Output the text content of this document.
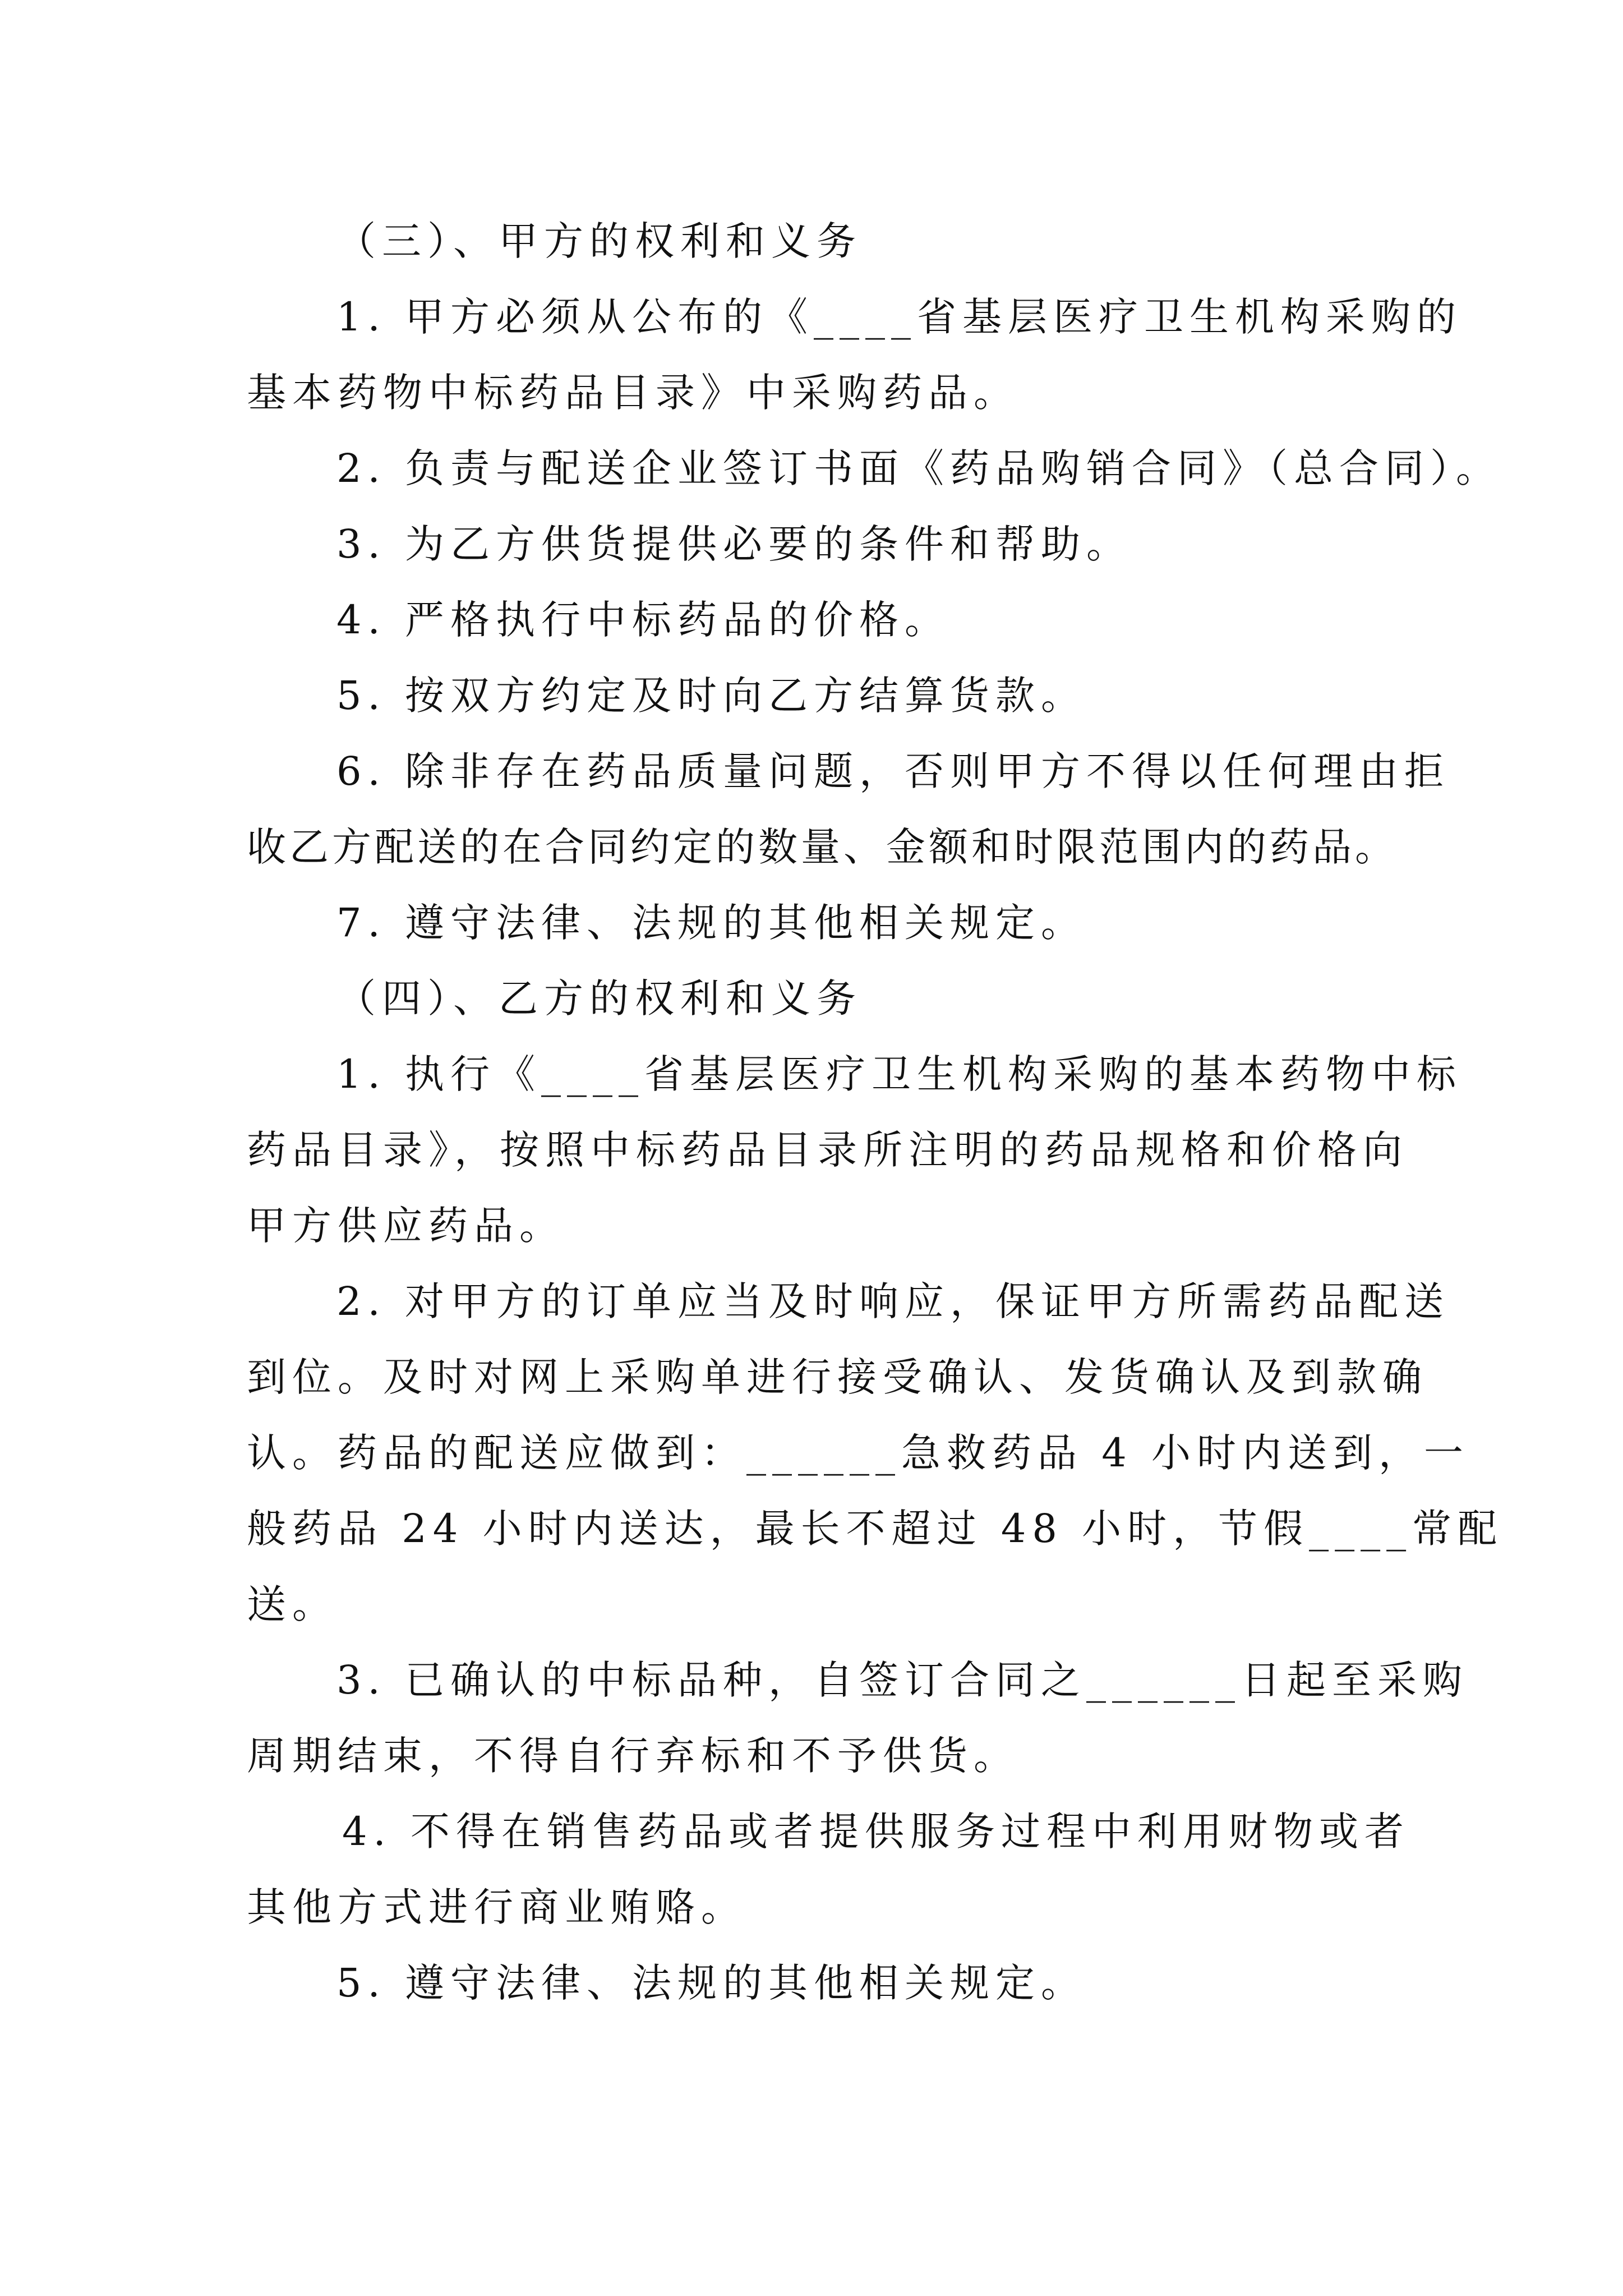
（三）、甲方的权利和义务
1. 甲方必须从公布的《____省基层医疗卫生机构采购的
基本药物中标药品目录》中采购药品。
2. 负责与配送企业签订书面《药品购销合同》（总合同）。
3. 为乙方供货提供必要的条件和帮助。
4. 严格执行中标药品的价格。
5. 按双方约定及时向乙方结算货款。
6. 除非存在药品质量问题，否则甲方不得以任何理由拒
收乙方配送的在合同约定的数量、金额和时限范围内的药品。
7. 遵守法律、法规的其他相关规定。
（四）、乙方的权利和义务
1. 执行《____省基层医疗卫生机构采购的基本药物中标
药品目录》，按照中标药品目录所注明的药品规格和价格向
甲方供应药品。
2. 对甲方的订单应当及时响应，保证甲方所需药品配送
到位。及时对网上采购单进行接受确认、发货确认及到款确
认。药品的配送应做到：______急救药品 4 小时内送到，一
般药品 24 小时内送达，最长不超过 48 小时，节假____常配
送。
3. 已确认的中标品种，自签订合同之______日起至采购
周期结束，不得自行弃标和不予供货。
4. 不得在销售药品或者提供服务过程中利用财物或者
其他方式进行商业贿赂。
5. 遵守法律、法规的其他相关规定。
